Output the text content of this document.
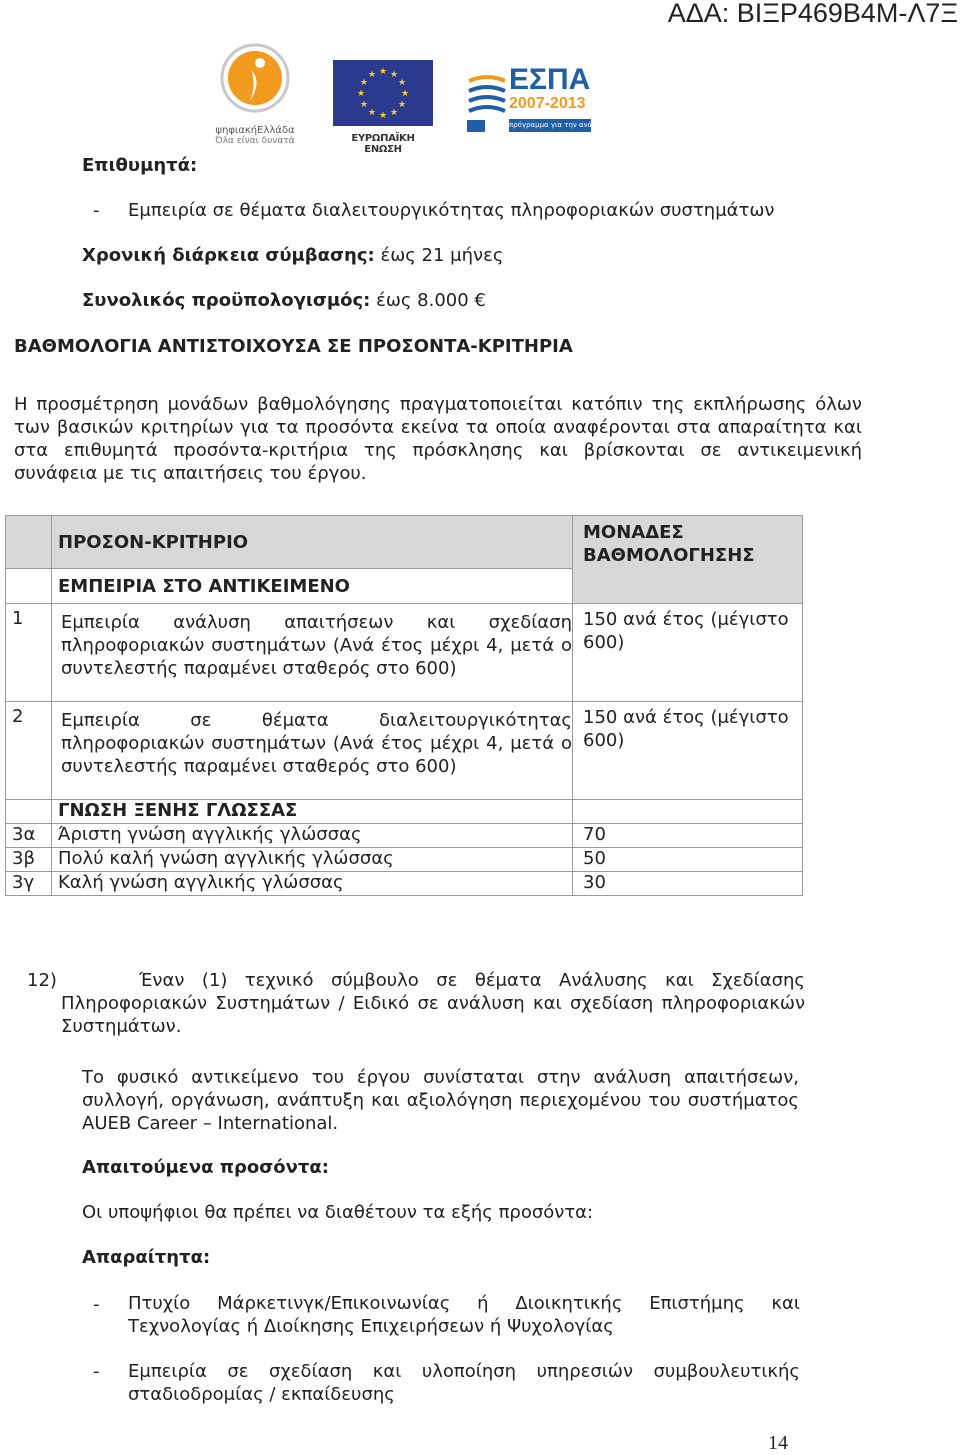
ΑΔΑ: ΒΙΞΡ469Β4Μ-Λ7Ξ
ψηφιακήΕλλάδα
Όλα είναι δυνατά
★ ★
★
★
★
★
★
★
★
★
★
★
ΕΥΡΩΠΑΪΚΗ ΕΝΩΣΗ
ΕΣΠΑ
2007-2013
πρόγραμμα για την ανάπτυξη
Επιθυμητά:
- Εμπειρία σε θέματα διαλειτουργικότητας πληροφοριακών συστημάτων
Χρονική διάρκεια σύμβασης: έως 21 μήνες
Συνολικός προϋπολογισμός: έως 8.000 €
ΒΑΘΜΟΛΟΓΙΑ ΑΝΤΙΣΤΟΙΧΟΥΣΑ ΣΕ ΠΡΟΣΟΝΤΑ-ΚΡΙΤΗΡΙΑ
Η προσμέτρηση μονάδων βαθμολόγησης πραγματοποιείται κατόπιν της εκπλήρωσης όλων των βασικών κριτηρίων για τα προσόντα εκείνα τα οποία αναφέρονται στα απαραίτητα και στα επιθυμητά προσόντα-κριτήρια της πρόσκλησης και βρίσκονται σε αντικειμενική συνάφεια με τις απαιτήσεις του έργου.
	ΠΡΟΣΟΝ-ΚΡΙΤΗΡΙΟ	ΜΟΝΑΔΕΣ ΒΑΘΜΟΛΟΓΗΣΗΣ
	ΕΜΠΕΙΡΙΑ ΣΤΟ ΑΝΤΙΚΕΙΜΕΝΟ	
1	Εμπειρία ανάλυση απαιτήσεων και σχεδίαση πληροφοριακών συστημάτων (Ανά έτος μέχρι 4, μετά ο συντελεστής παραμένει σταθερός στο 600)	150 ανά έτος (μέγιστο 600)
2	Εμπειρία σε θέματα διαλειτουργικότητας πληροφοριακών συστημάτων (Ανά έτος μέχρι 4, μετά ο συντελεστής παραμένει σταθερός στο 600)	150 ανά έτος (μέγιστο 600)
	ΓΝΩΣΗ ΞΕΝΗΣ ΓΛΩΣΣΑΣ	
3α	Άριστη γνώση αγγλικής γλώσσας	70
3β	Πολύ καλή γνώση αγγλικής γλώσσας	50
3γ	Καλή γνώση αγγλικής γλώσσας	30
12)	Έναν (1) τεχνικό σύμβουλο σε θέματα Ανάλυσης και Σχεδίασης Πληροφοριακών Συστημάτων / Ειδικό σε ανάλυση και σχεδίαση πληροφοριακών Συστημάτων.
Το φυσικό αντικείμενο του έργου συνίσταται στην ανάλυση απαιτήσεων, συλλογή, οργάνωση, ανάπτυξη και αξιολόγηση περιεχομένου του συστήματος AUEB Career – International.
Απαιτούμενα προσόντα:
Οι υποψήφιοι θα πρέπει να διαθέτουν τα εξής προσόντα:
Απαραίτητα:
- Πτυχίο Μάρκετινγκ/Επικοινωνίας ή Διοικητικής Επιστήμης και Τεχνολογίας ή Διοίκησης Επιχειρήσεων ή Ψυχολογίας
- Εμπειρία σε σχεδίαση και υλοποίηση υπηρεσιών συμβουλευτικής σταδιοδρομίας / εκπαίδευσης
14
